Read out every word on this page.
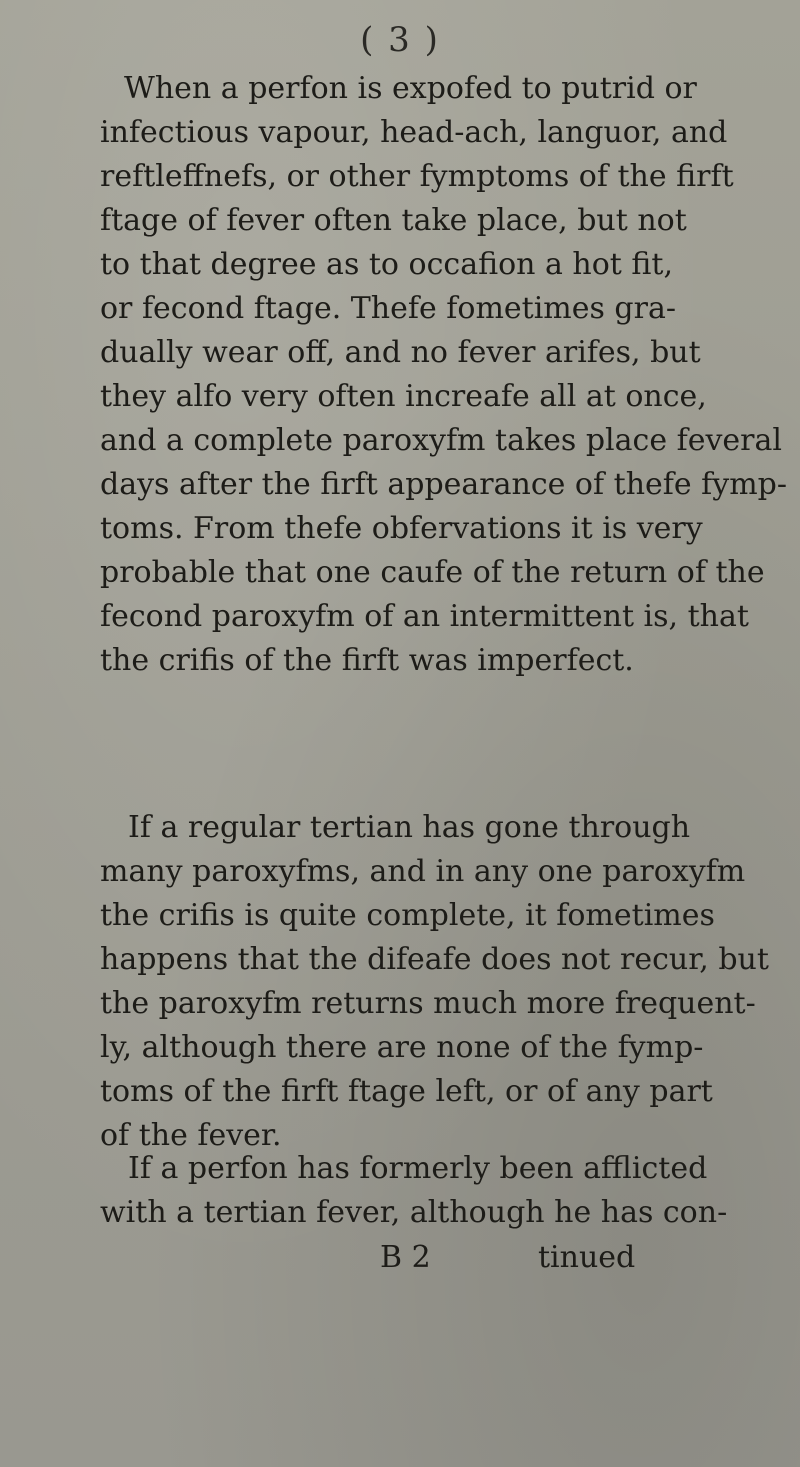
( 3 )
When a perfon is expofed to putrid or
infectious vapour, head-ach, languor, and
reftleffnefs, or other fymptoms of the firft
ftage of fever often take place, but not
to that degree as to occafion a hot fit,
or fecond ftage. Thefe fometimes gra-
dually wear off, and no fever arifes, but
they alfo very often increafe all at once,
and a complete paroxyfm takes place feveral
days after the firft appearance of thefe fymp-
toms. From thefe obfervations it is very
probable that one caufe of the return of the
fecond paroxyfm of an intermittent is, that
the crifis of the firft was imperfect.
If a regular tertian has gone through
many paroxyfms, and in any one paroxyfm
the crifis is quite complete, it fometimes
happens that the difeafe does not recur, but
the paroxyfm returns much more frequent-
ly, although there are none of the fymp-
toms of the firft ftage left, or of any part
of the fever.
If a perfon has formerly been afflicted
with a tertian fever, although he has con-
B 2	tinued
